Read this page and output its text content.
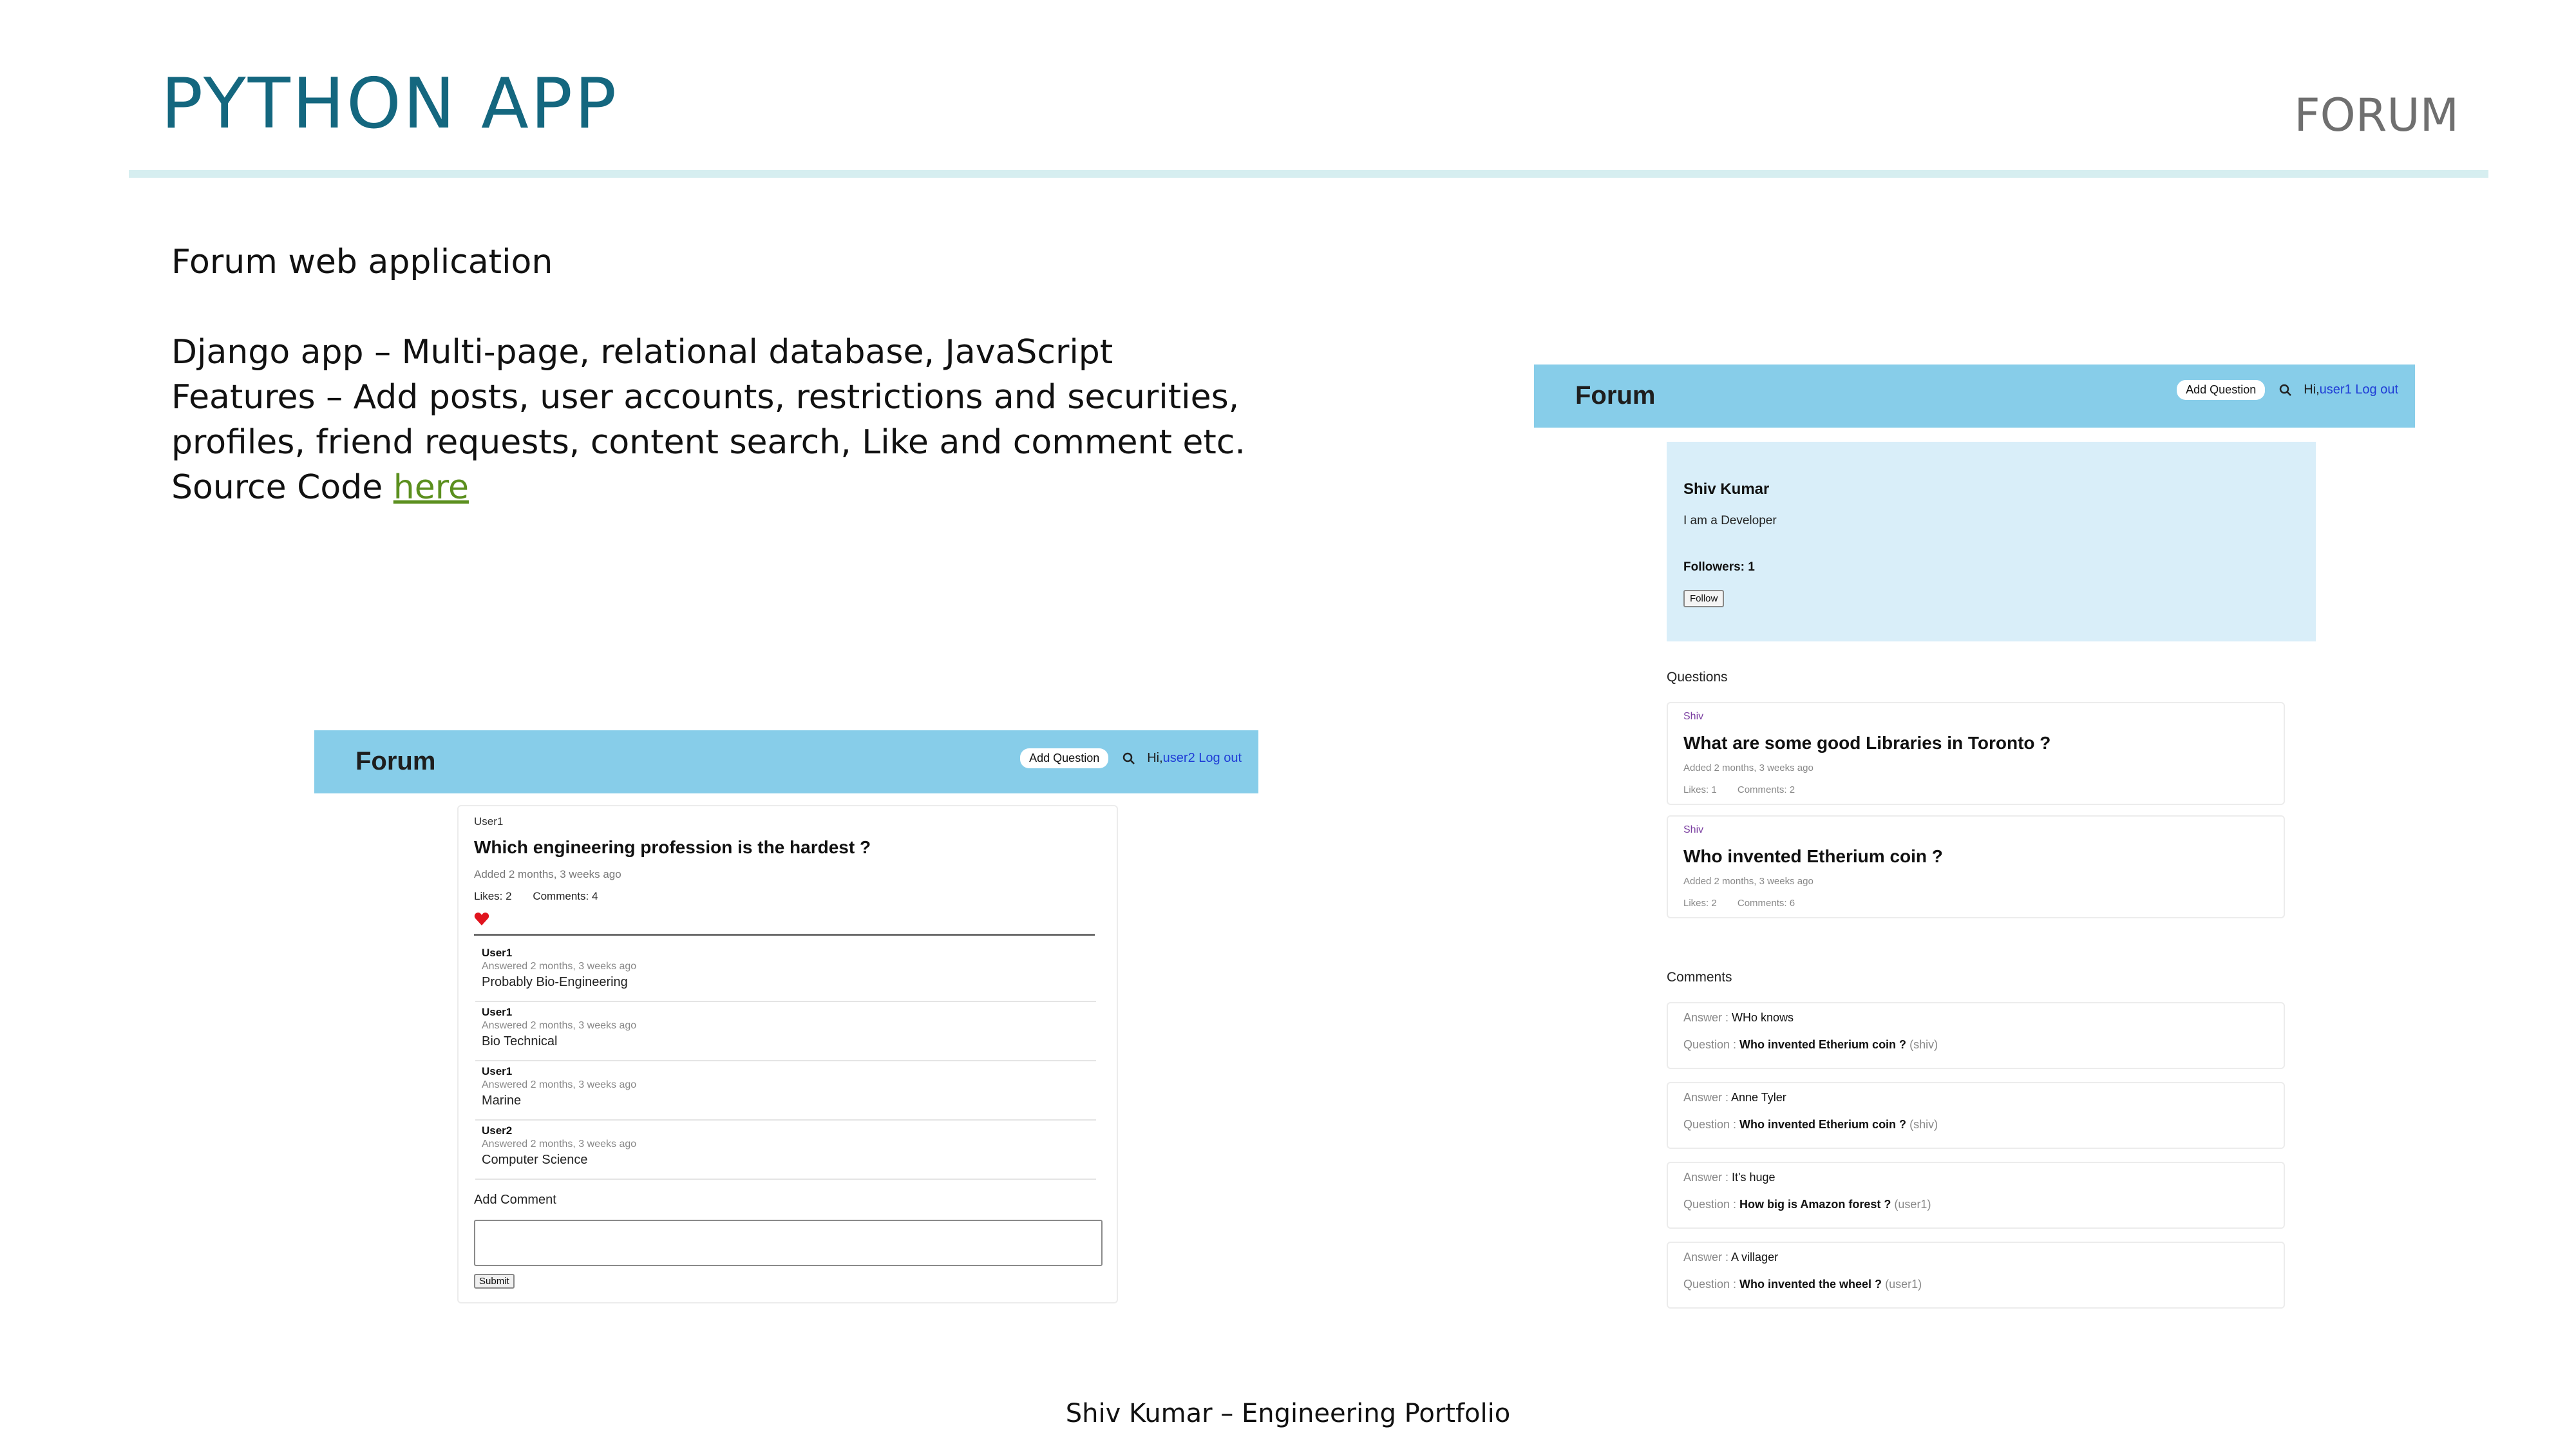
PYTHON APP	FORUM

Forum web application

Django app – Multi-page, relational database, JavaScript

Features – Add posts, user accounts, restrictions and securities,

profiles, friend requests, content search, Like and comment etc.

Source Code here

Forum	Add Question	Hi, user2
Log out
User1
Which engineering profession is the hardest ?
Added 2 months, 3 weeks ago
Likes: 2 Comments: 4
User1
Answered 2 months, 3 weeks ago
Probably Bio-Engineering
User1
Answered 2 months, 3 weeks ago
Bio Technical
User1
Answered 2 months, 3 weeks ago
Marine
User2
Answered 2 months, 3 weeks ago
Computer Science
Add Comment
Submit
Forum	Add Question	Hi, user1
Log out
Shiv Kumar
I am a Developer
Followers: 1
Follow
Questions
Shiv
What are some good Libraries in Toronto ?
Added 2 months, 3 weeks ago
Likes: 1 Comments: 2
Shiv
Who invented Etherium coin ?
Added 2 months, 3 weeks ago
Likes: 2 Comments: 6
Comments
Answer : WHo knows
Question : Who invented Etherium coin ? (shiv)
Answer : Anne Tyler
Question : Who invented Etherium coin ? (shiv)
Answer : It's huge
Question : How big is Amazon forest ? (user1)
Answer : A villager
Question : Who invented the wheel ? (user1)
Shiv Kumar – Engineering Portfolio
